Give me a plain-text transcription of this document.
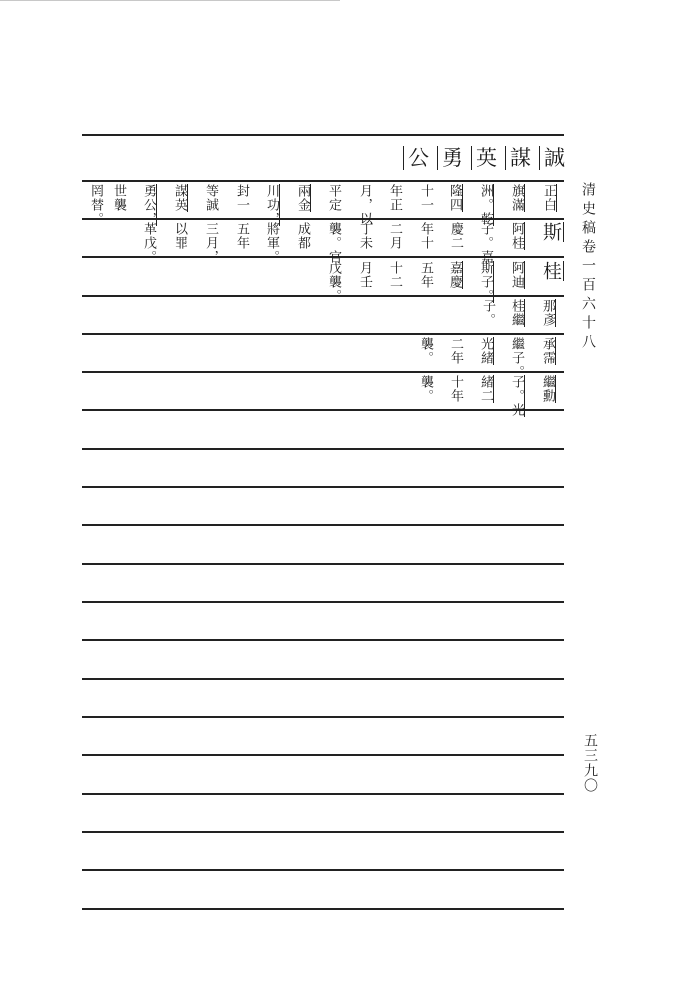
誠
謀
英
勇
公
正白
旗滿
洲。乾
隆四
十一
年正
月，以
平定
兩金
川功，
封一
等誠
謀英
勇公，
世襲
罔替。
斯
阿桂
子。嘉
慶二
年十
二月
丁未
襲。官
成都
將軍。
五年
三月，
以罪
革戊。
桂
阿迪
斯子。
嘉慶
五年
十二
月壬
戊襲。
那彥
桂繼
子。
承霈
繼子。
光緒
二年
襲。
繼勳
子。光
緒二
十年
襲。
清史稿卷一百六十八
五三九〇
